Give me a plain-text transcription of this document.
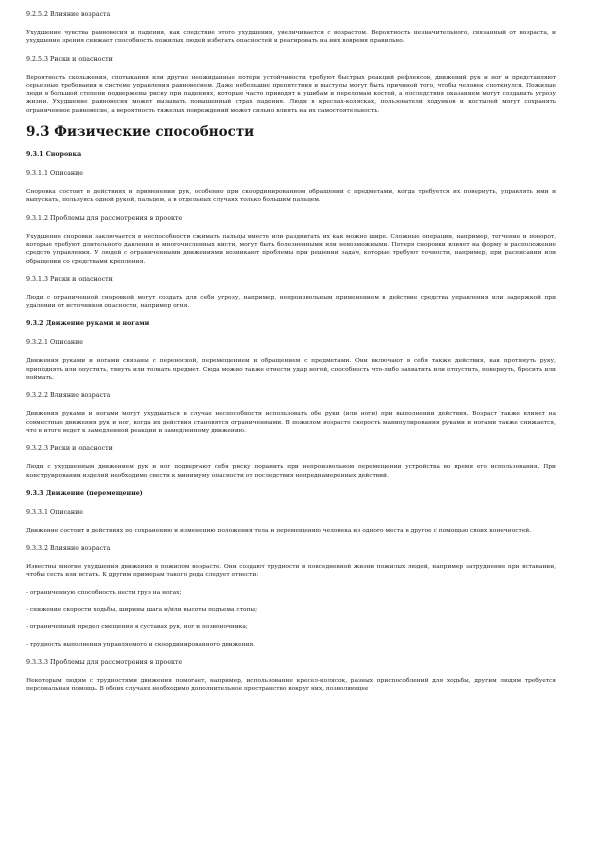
9.2.5.2 Влияние возраста
Ухудшение чувства равновесия и падения, как следствие этого ухудшения, увеличивается с возрастом. Вероятность незначительного, связанный от возраста, и ухудшение зрения снижает способность пожилых людей избегать опасностей и реагировать на них вовремя правильно.
9.2.5.3 Риски и опасности
Вероятность скольжения, спотыкания или другие неожиданные потери устойчивости требуют быстрых реакций рефлексов, движений рук и ног и представляют серьезные требования к системе управления равновесием. Даже небольшие препятствия и выступы могут быть причиной того, чтобы человек споткнулся. Пожилые люди в большой степени подвержены риску при падениях, которые часто приводят к ушибам и переломам костей, а последствия оказанием могут создавать угрозу жизни. Ухудшение равновесия может вызывать повышенный страх падения. Люди в креслах-колясках, пользователи ходунков и костылей могут сохранять ограниченное равновесие, а вероятность тяжелых повреждений может сильно влиять на их самостоятельность.
9.3 Физические способности
9.3.1 Сноровка
9.3.1.1 Описание
Сноровка состоит в действиях и применении рук, особенно при скоординированном обращении с предметами, когда требуется их повернуть, управлять ими и выпускать, пользуясь одной рукой, пальцем, а в отдельных случаях только большим пальцем.
9.3.1.2 Проблемы для рассмотрения в проекте
Ухудшение сноровки заключается в неспособности сжимать пальцы вместе или раздвигать их как можно шире. Сложные операции, например, тегчение и поворот, которые требуют длительного давления и многочисленных кисти, могут быть болезненными или невозможными. Потеря сноровки влияет на форму и расположение средств управления. У людей с ограниченными движениями возникают проблемы при решении задач, которые требуют точности, например, при расписании или обращении со средствами крепления.
9.3.1.3 Риски и опасности
Люди с ограниченной сноровкой могут создать для себя угрозу, например, непроизвольным применением в действие средства управления или задержкой при удалении от источников опасности, например огня.
9.3.2 Движение руками и ногами
9.3.2.1 Описание
Движения руками и ногами связаны с переноской, перемещением и обращением с предметами. Они включают в себя также действия, как протянуть руку, приподнять или опустить, тянуть или толкать предмет. Сюда можно также отнести удар ногой, способность что-либо захватить или отпустить, повернуть, бросить или поймать.
9.3.2.2 Влияние возраста
Движения руками и ногами могут ухудшаться в случае неспособности использовать обе руки (или ноги) при выполнении действия. Возраст также влияет на совместные движения рук и ног, когда их действия становятся ограниченными. В пожилом возрасте скорость манипулирования руками и ногами также снижается, что в итоге ведет к замедленной реакции и замедленному движению.
9.3.2.3 Риски и опасности
Люди с ухудшенным движением рук и ног подвергают себя риску поранить при непроизвольном перемещении устройства во время его использования. При конструировании изделий необходимо свести к минимуму опасности от последствия непреднамеренных действий.
9.3.3 Движение (перемещение)
9.3.3.1 Описание
Движение состоит в действиях по сохранению и изменению положения тела и перемещению человека из одного места в другое с помощью своих конечностей.
9.3.3.2 Влияние возраста
Известны многие ухудшения движения в пожилом возрасте. Они создают трудности в повседневной жизни пожилых людей, например затруднение при вставании, чтобы сесть или встать. К другим примерам такого рода следует отнести:
- ограниченную способность нести груз на ногах;
- снижение скорости ходьбы, ширины шага и/или высоты подъема стопы;
- ограниченный предел смещения в суставах рук, ног и позвоночника;
- трудность выполнения управляемого и скоординированного движения.
9.3.3.3 Проблемы для рассмотрения в проекте
Некоторым людям с трудностями движения помогает, например, использование кресел-колясок, разных приспособлений для ходьбы, другим людям требуется персональная помощь. В обоих случаях необходимо дополнительное пространство вокруг них, позволяющее
